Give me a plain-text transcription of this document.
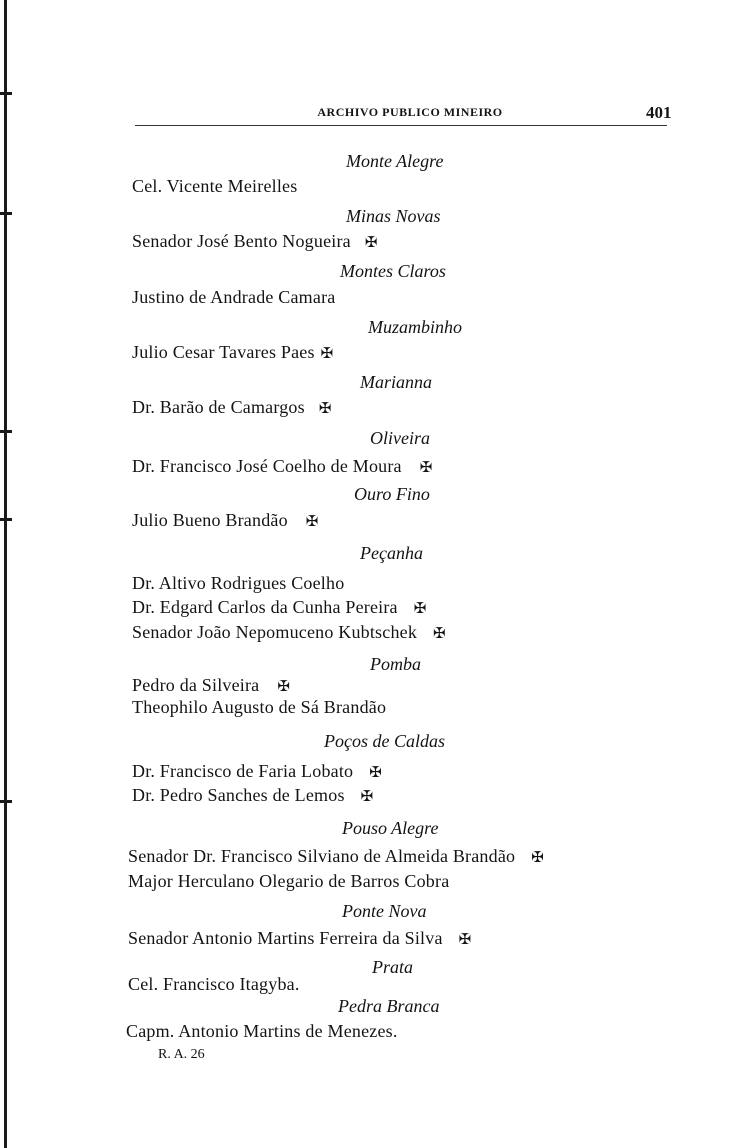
ARCHIVO PUBLICO MINEIRO	401
Monte Alegre
Cel. Vicente Meirelles
Minas Novas
Senador José Bento Nogueira ✠
Montes Claros
Justino de Andrade Camara
Muzambinho
Julio Cesar Tavares Paes ✠
Marianna
Dr. Barão de Camargos ✠
Oliveira
Dr. Francisco José Coelho de Moura ✠
Ouro Fino
Julio Bueno Brandão ✠
Peçanha
Dr. Altivo Rodrigues Coelho
Dr. Edgard Carlos da Cunha Pereira ✠
Senador João Nepomuceno Kubtschek ✠
Pomba
Pedro da Silveira ✠
Theophilo Augusto de Sá Brandão
Poços de Caldas
Dr. Francisco de Faria Lobato ✠
Dr. Pedro Sanches de Lemos ✠
Pouso Alegre
Senador Dr. Francisco Silviano de Almeida Brandão ✠
Major Herculano Olegario de Barros Cobra
Ponte Nova
Senador Antonio Martins Ferreira da Silva ✠
Prata
Cel. Francisco Itagyba.
Pedra Branca
Capm. Antonio Martins de Menezes.
R. A. 26
